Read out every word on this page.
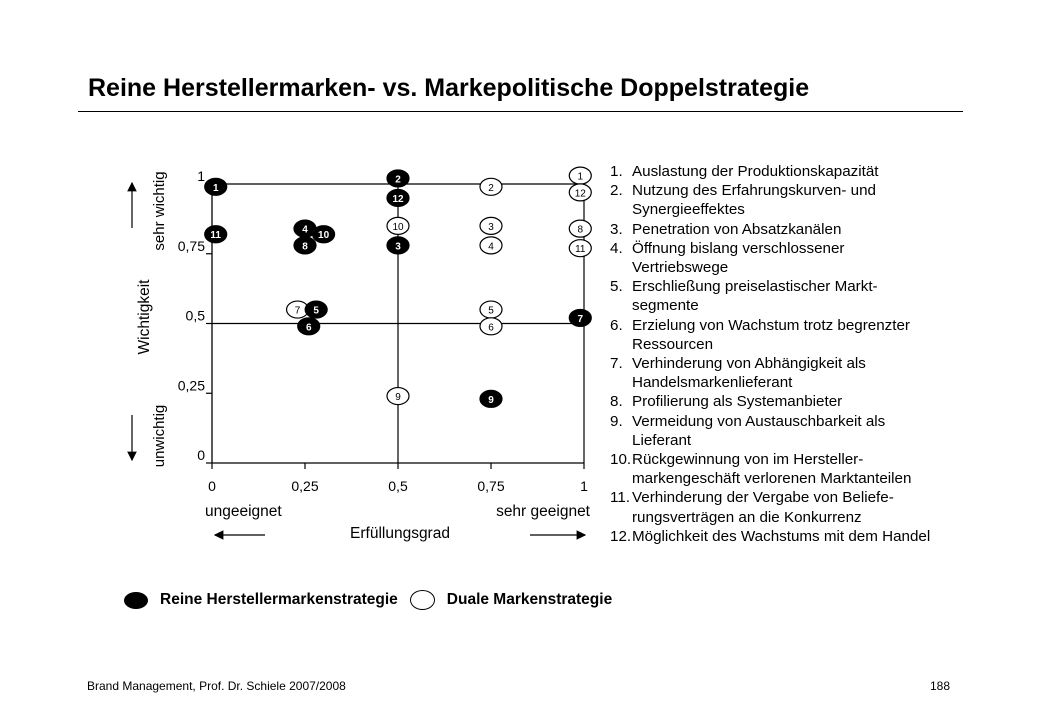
Reine Herstellermarken- vs. Markepolitische Doppelstrategie
0	0,25	0,5	0,75	1
0
0,25
0,5
0,75
1	1
12
2
10	3	8
4	11
7	5
6
9
1
2
12
11
4
10
8	3
5
6
7
9
Erfüllungsgrad
ungeeignet	sehr geeignet
Wichtigkeit
sehr wichtig
unwichtig
1. Auslastung der Produktionskapazität
2. Nutzung des Erfahrungskurven- und Synergieeffektes
3. Penetration von Absatzkanälen
4. Öffnung bislang verschlossener Vertriebswege
5. Erschließung preiselastischer Markt-segmente
6. Erzielung von Wachstum trotz begrenzter Ressourcen
7. Verhinderung von Abhängigkeit als Handelsmarkenlieferant
8. Profilierung als Systemanbieter
9. Vermeidung von Austauschbarkeit als Lieferant
10. Rückgewinnung von im Hersteller-markengeschäft verlorenen Marktanteilen
11. Verhinderung der Vergabe von Beliefe-rungsverträgen an die Konkurrenz
12. Möglichkeit des Wachstums mit dem Handel
Reine Herstellermarkenstrategie	Duale Markenstrategie
Brand Management, Prof. Dr. Schiele 2007/2008	188
